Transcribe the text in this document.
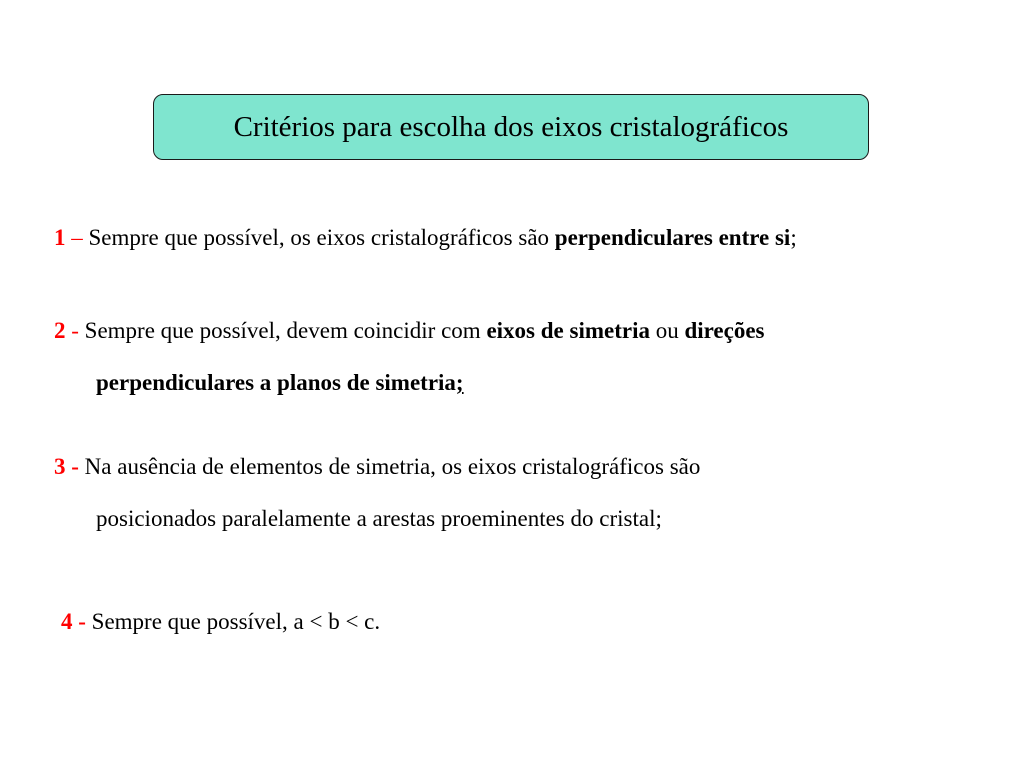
Critérios para escolha dos eixos cristalográficos
1 – Sempre que possível, os eixos cristalográficos são perpendiculares entre si;
2 - Sempre que possível, devem coincidir com eixos de simetria ou direções
perpendiculares a planos de simetria;
3 - Na ausência de elementos de simetria, os eixos cristalográficos são
posicionados paralelamente a arestas proeminentes do cristal;
4 - Sempre que possível, a < b < c.
